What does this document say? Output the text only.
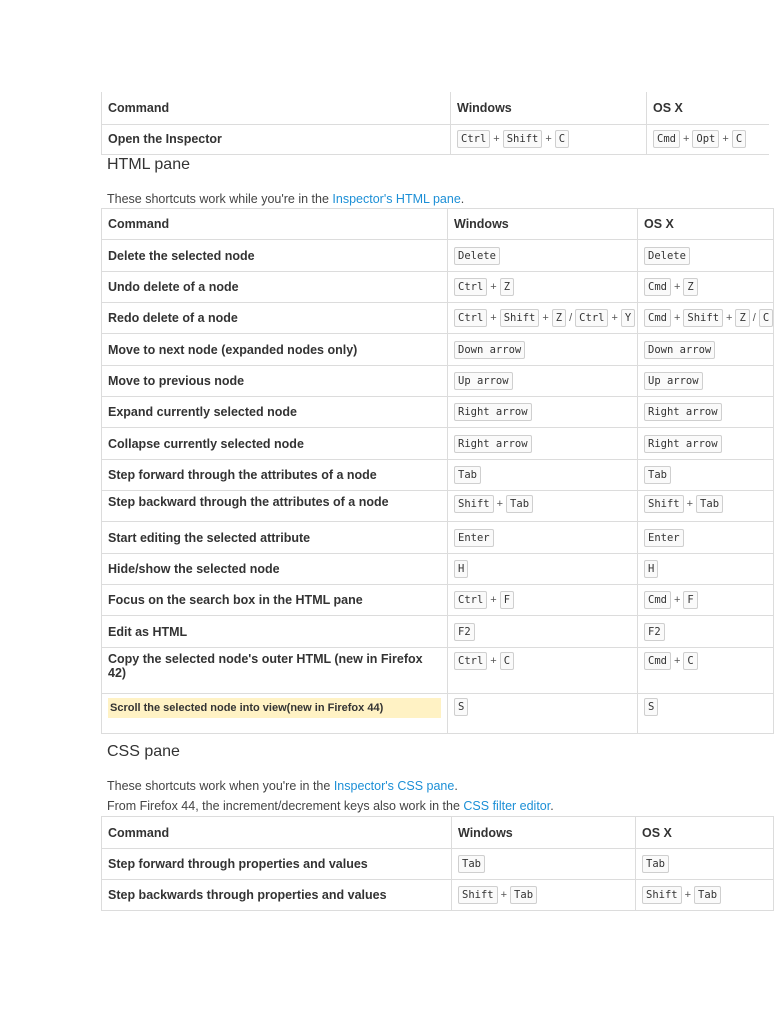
Command	Windows	OS X
Open the Inspector	Ctrl + Shift + C	Cmd + Opt + C
HTML pane
These shortcuts work while you're in the Inspector's HTML pane.
Command	Windows	OS X
Delete the selected node	Delete	Delete
Undo delete of a node	Ctrl + Z	Cmd + Z
Redo delete of a node	Ctrl + Shift + Z / Ctrl + Y	Cmd + Shift + Z / C
Move to next node (expanded nodes only)	Down arrow	Down arrow
Move to previous node	Up arrow	Up arrow
Expand currently selected node	Right arrow	Right arrow
Collapse currently selected node	Right arrow	Right arrow
Step forward through the attributes of a node	Tab	Tab
Step backward through the attributes of a node	Shift + Tab	Shift + Tab
Start editing the selected attribute	Enter	Enter
Hide/show the selected node	H	H
Focus on the search box in the HTML pane	Ctrl + F	Cmd + F
Edit as HTML	F2	F2
Copy the selected node's outer HTML (new in Firefox 42)	Ctrl + C	Cmd + C

Scroll the selected node into view(new in Firefox 44)	S	S
CSS pane
These shortcuts work when you're in the Inspector's CSS pane.
From Firefox 44, the increment/decrement keys also work in the CSS filter editor.
Command	Windows	OS X
Step forward through properties and values	Tab	Tab
Step backwards through properties and values	Shift + Tab	Shift + Tab
